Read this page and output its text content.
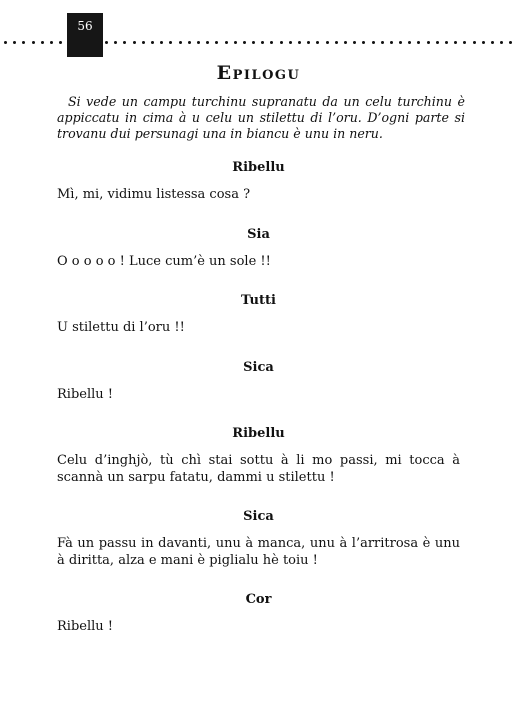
56
Epilogu
Si vede un campu turchinu supranatu da un celu turchinu è appiccatu in cima à u celu un stilettu di l’oru. D’ogni parte si trovanu dui persunagi una in biancu è unu in neru.
Ribellu
Mì, mi, vidimu listessa cosa ?
Sia
O o o o o ! Luce cum’è un sole !!
Tutti
U stilettu di l’oru !!
Sica
Ribellu !
Ribellu
Celu d’inghjò, tù chì stai sottu à li mo passi, mi tocca à scannà un sarpu fatatu, dammi u stilettu !
Sica
Fà un passu in davanti, unu à manca, unu à l’arritrosa è unu à diritta, alza e mani è piglialu hè toiu !
Cor
Ribellu !
